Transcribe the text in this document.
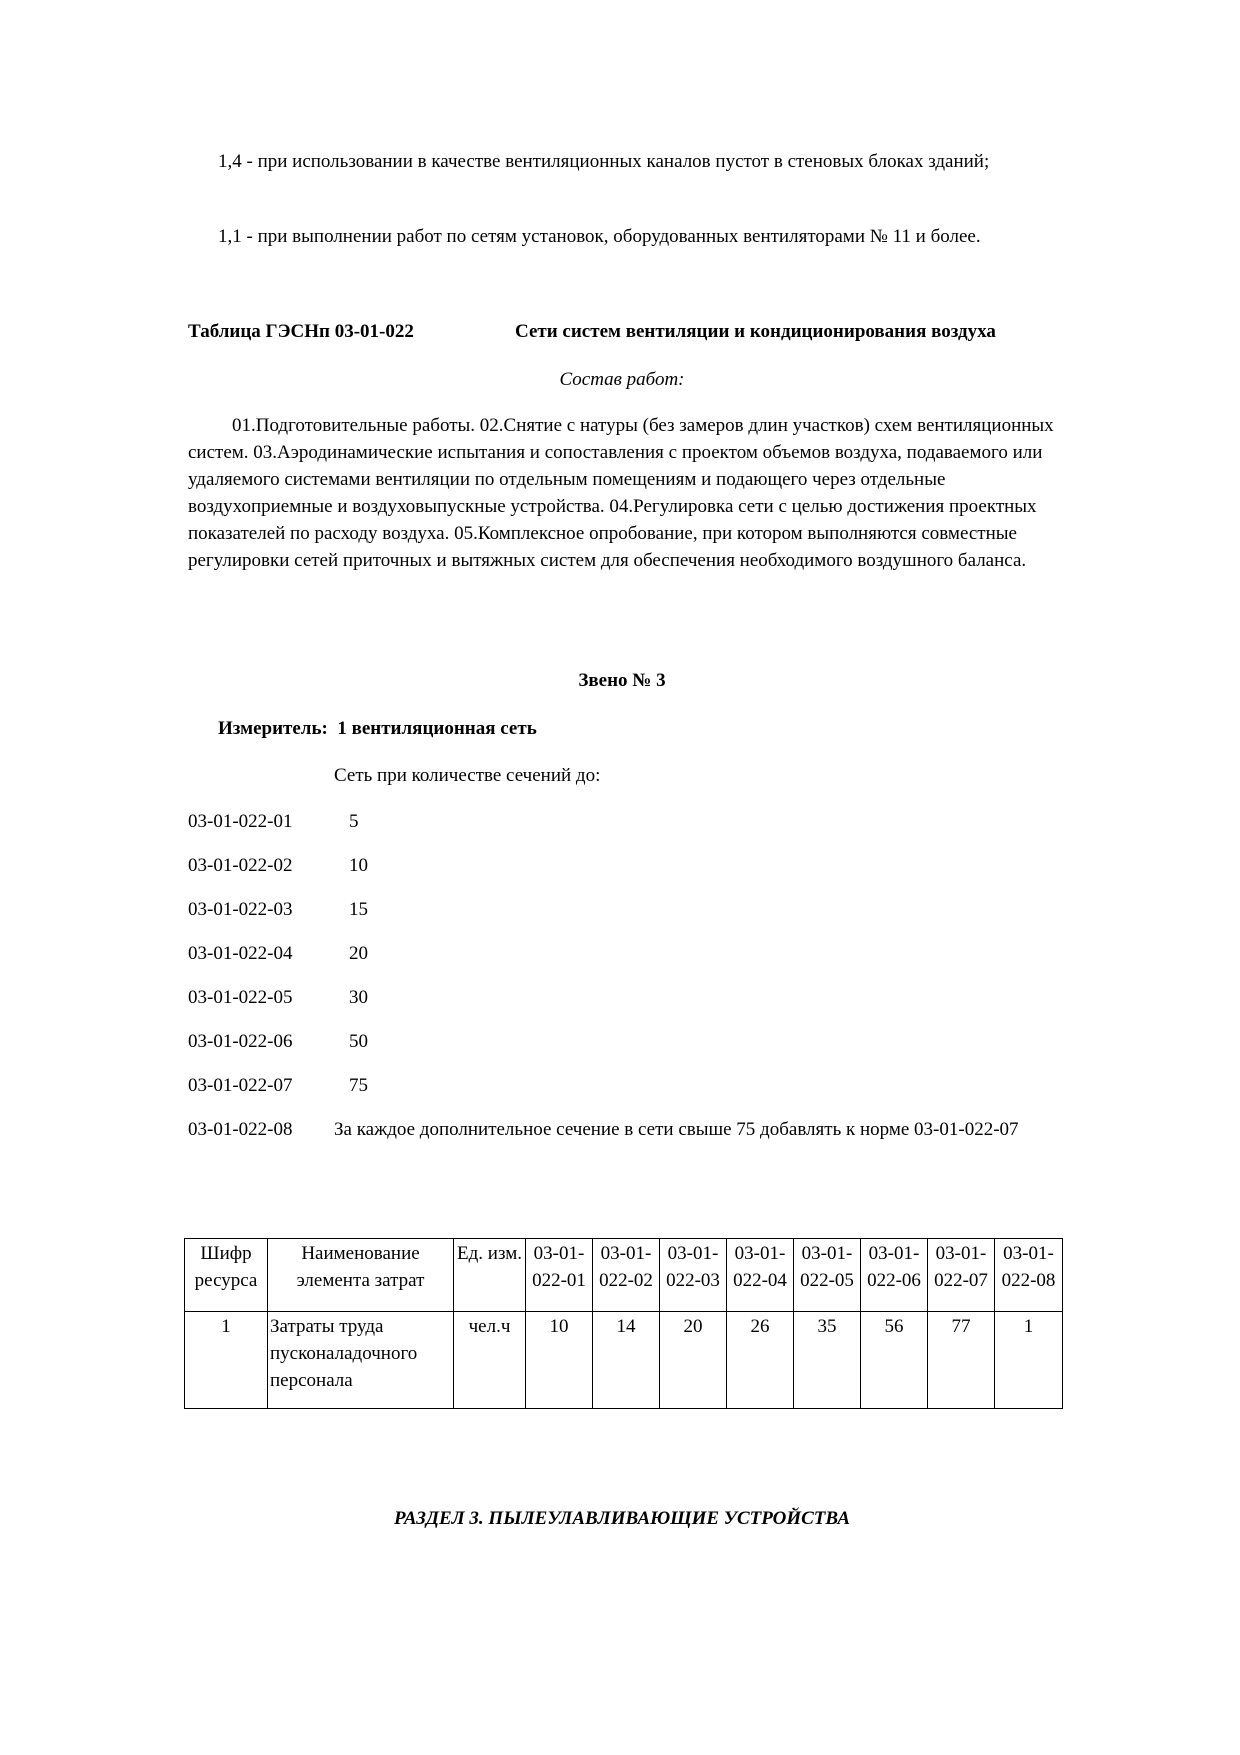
1,4 - при использовании в качестве вентиляционных каналов пустот в стеновых блоках зданий;
1,1 - при выполнении работ по сетям установок, оборудованных вентиляторами № 11 и более.
Таблица ГЭСНп 03-01-022	Сети систем вентиляции и кондиционирования воздуха
Состав работ:
01.Подготовительные работы. 02.Снятие с натуры (без замеров длин участков) схем вентиляционных систем. 03.Аэродинамические испытания и сопоставления с проектом объемов воздуха, подаваемого или удаляемого системами вентиляции по отдельным помещениям и подающего через отдельные воздухоприемные и воздуховыпускные устройства. 04.Регулировка сети с целью достижения проектных показателей по расходу воздуха. 05.Комплексное опробование, при котором выполняются совместные регулировки сетей приточных и вытяжных систем для обеспечения необходимого воздушного баланса.
Звено № 3
Измеритель:  1 вентиляционная сеть
Сеть при количестве сечений до:
03-01-022-01	5
03-01-022-02	10
03-01-022-03	15
03-01-022-04	20
03-01-022-05	30
03-01-022-06	50
03-01-022-07	75
03-01-022-08 За каждое дополнительное сечение в сети свыше 75 добавлять к норме 03-01-022-07
Шифр ресурса	Наименование элемента затрат	Ед. изм.	03-01-022-01	03-01-022-02	03-01-022-03	03-01-022-04	03-01-022-05	03-01-022-06	03-01-022-07	03-01-022-08
1	Затраты труда пусконаладочного персонала	чел.ч	10	14	20	26	35	56	77	1
РАЗДЕЛ 3. ПЫЛЕУЛАВЛИВАЮЩИЕ УСТРОЙСТВА
